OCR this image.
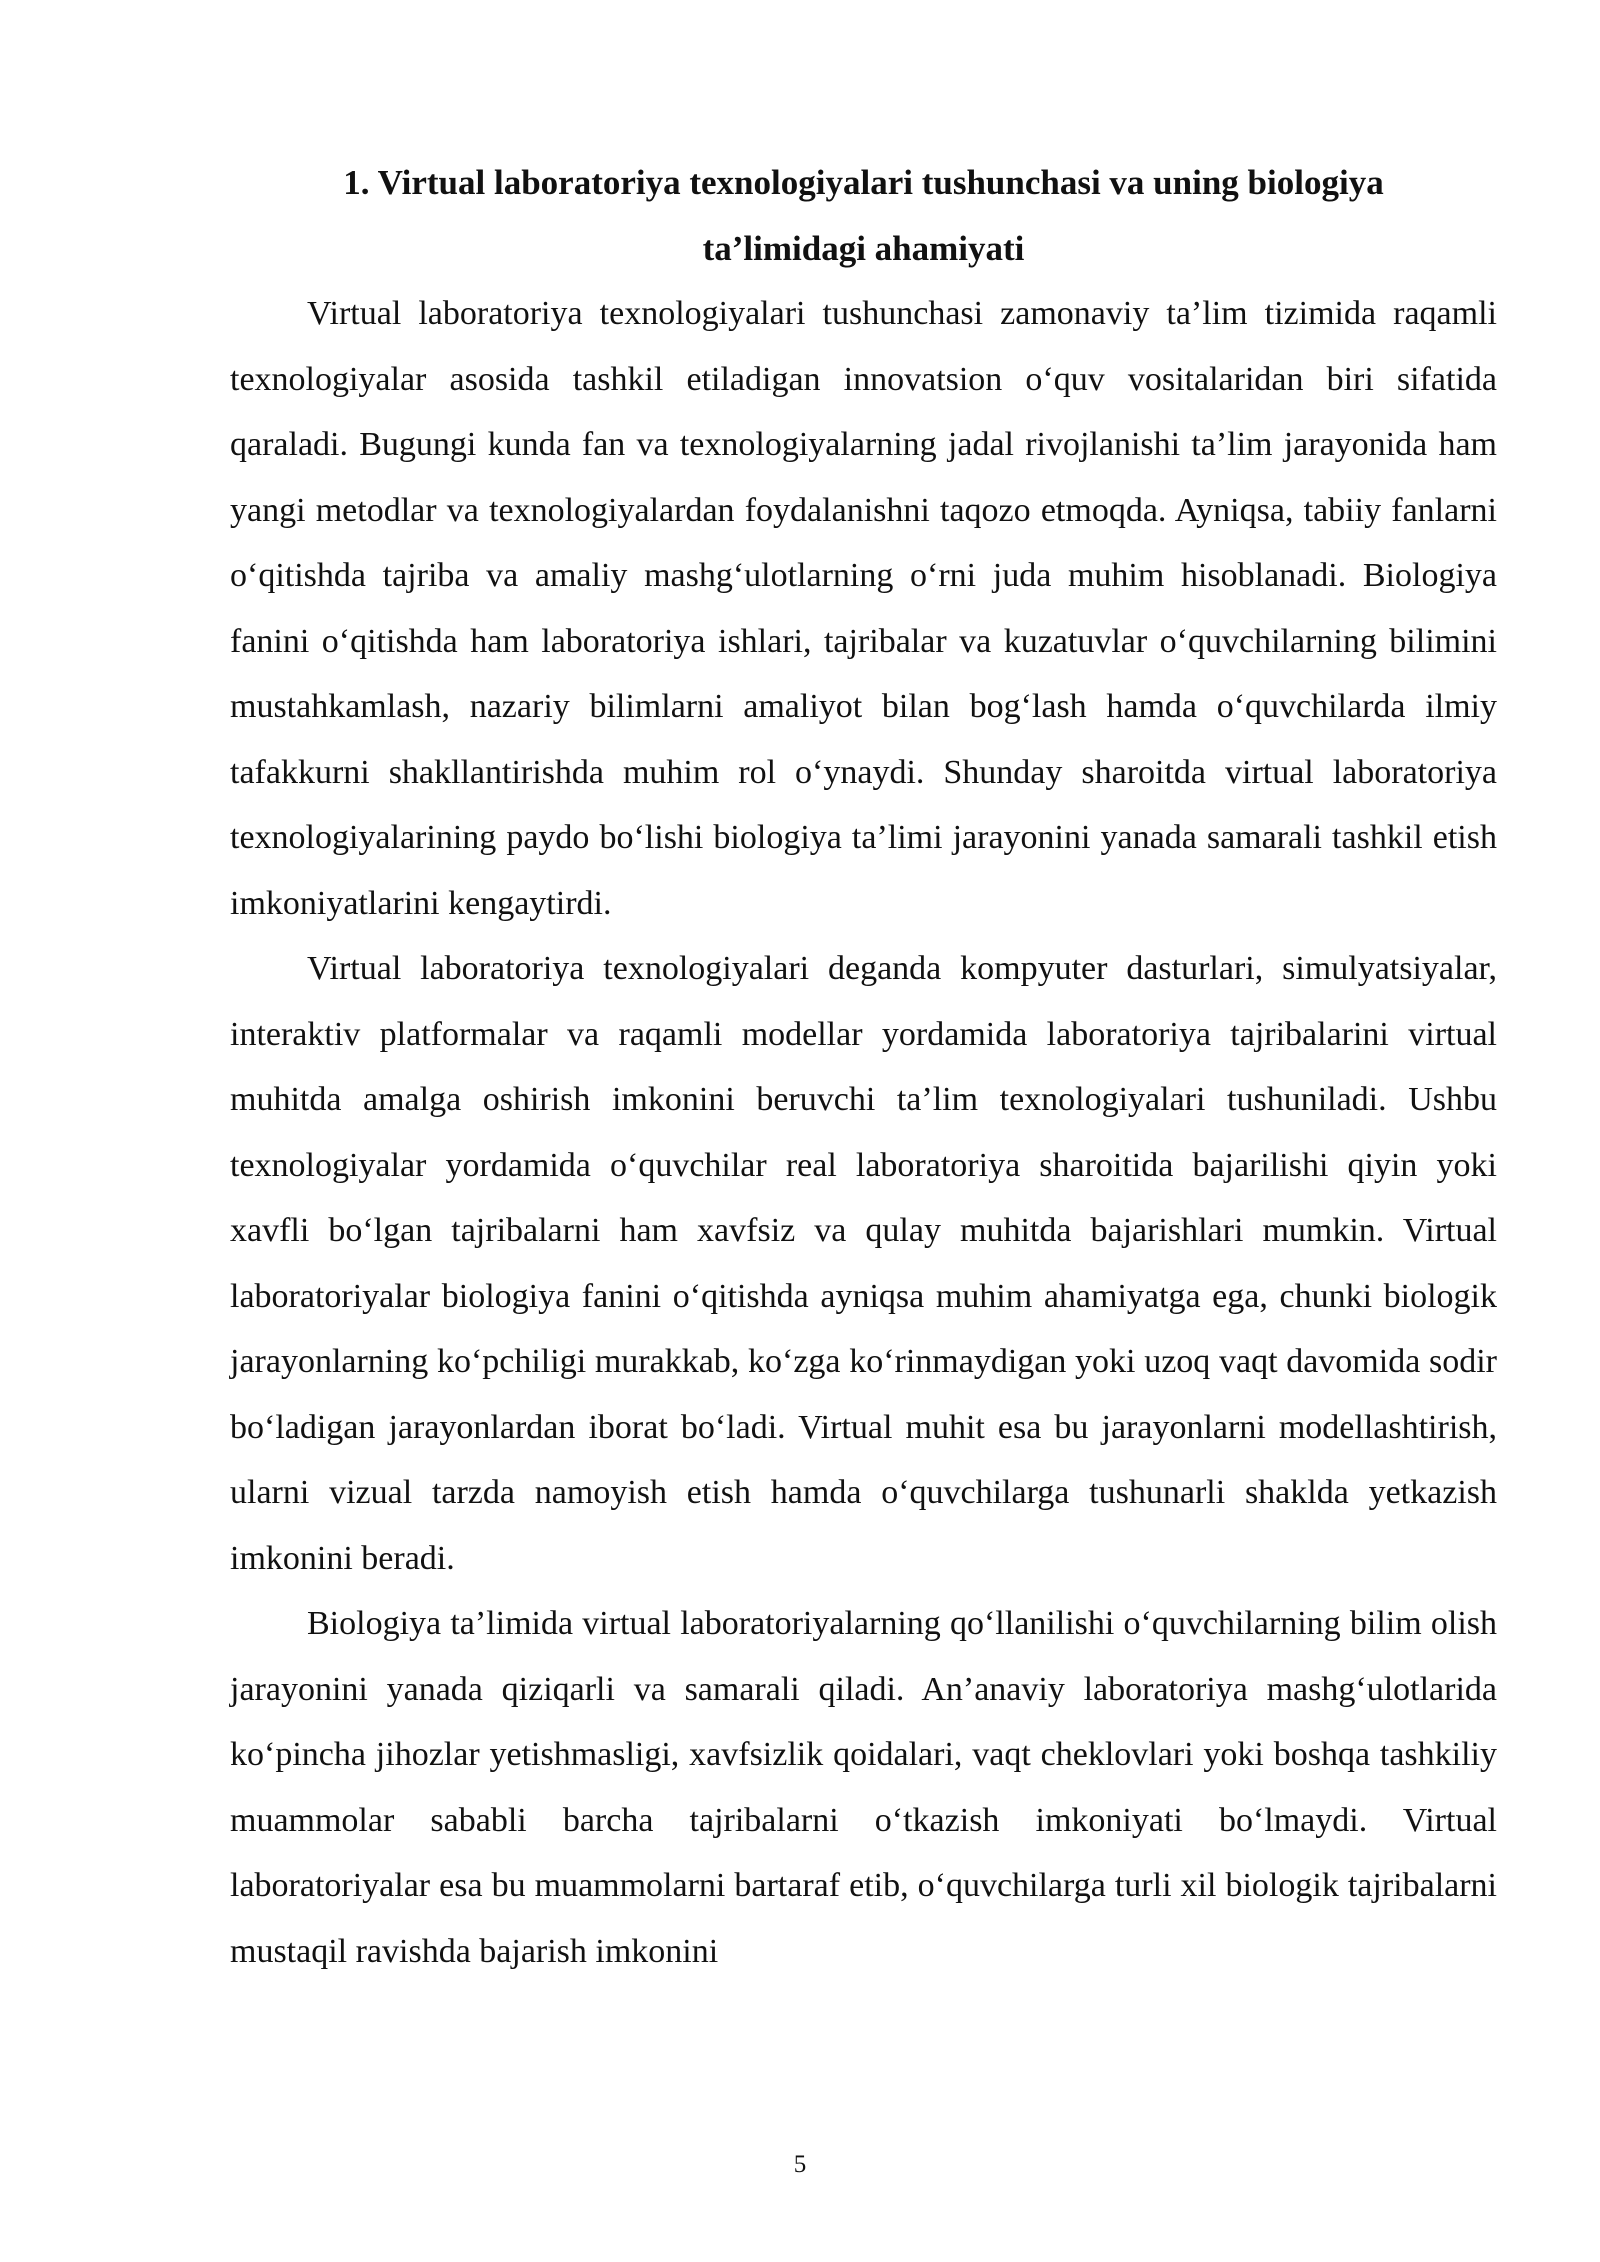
1. Virtual laboratoriya texnologiyalari tushunchasi va uning biologiya
ta’limidagi ahamiyati

Virtual laboratoriya texnologiyalari tushunchasi zamonaviy ta’lim tizimida raqamli texnologiyalar asosida tashkil etiladigan innovatsion o‘quv vositalaridan biri sifatida qaraladi. Bugungi kunda fan va texnologiyalarning jadal rivojlanishi ta’lim jarayonida ham yangi metodlar va texnologiyalardan foydalanishni taqozo etmoqda. Ayniqsa, tabiiy fanlarni o‘qitishda tajriba va amaliy mashg‘ulotlarning o‘rni juda muhim hisoblanadi. Biologiya fanini o‘qitishda ham laboratoriya ishlari, tajribalar va kuzatuvlar o‘quvchilarning bilimini mustahkamlash, nazariy bilimlarni amaliyot bilan bog‘lash hamda o‘quvchilarda ilmiy tafakkurni shakllantirishda muhim rol o‘ynaydi. Shunday sharoitda virtual laboratoriya texnologiyalarining paydo bo‘lishi biologiya ta’limi jarayonini yanada samarali tashkil etish imkoniyatlarini kengaytirdi.

Virtual laboratoriya texnologiyalari deganda kompyuter dasturlari, simulyatsiyalar, interaktiv platformalar va raqamli modellar yordamida laboratoriya tajribalarini virtual muhitda amalga oshirish imkonini beruvchi ta’lim texnologiyalari tushuniladi. Ushbu texnologiyalar yordamida o‘quvchilar real laboratoriya sharoitida bajarilishi qiyin yoki xavfli bo‘lgan tajribalarni ham xavfsiz va qulay muhitda bajarishlari mumkin. Virtual laboratoriyalar biologiya fanini o‘qitishda ayniqsa muhim ahamiyatga ega, chunki biologik jarayonlarning ko‘pchiligi murakkab, ko‘zga ko‘rinmaydigan yoki uzoq vaqt davomida sodir bo‘ladigan jarayonlardan iborat bo‘ladi. Virtual muhit esa bu jarayonlarni modellashtirish, ularni vizual tarzda namoyish etish hamda o‘quvchilarga tushunarli shaklda yetkazish imkonini beradi.

Biologiya ta’limida virtual laboratoriyalarning qo‘llanilishi o‘quvchilarning bilim olish jarayonini yanada qiziqarli va samarali qiladi. An’anaviy laboratoriya mashg‘ulotlarida ko‘pincha jihozlar yetishmasligi, xavfsizlik qoidalari, vaqt cheklovlari yoki boshqa tashkiliy muammolar sababli barcha tajribalarni o‘tkazish imkoniyati bo‘lmaydi. Virtual laboratoriyalar esa bu muammolarni bartaraf etib, o‘quvchilarga turli xil biologik tajribalarni mustaqil ravishda bajarish imkonini

5
